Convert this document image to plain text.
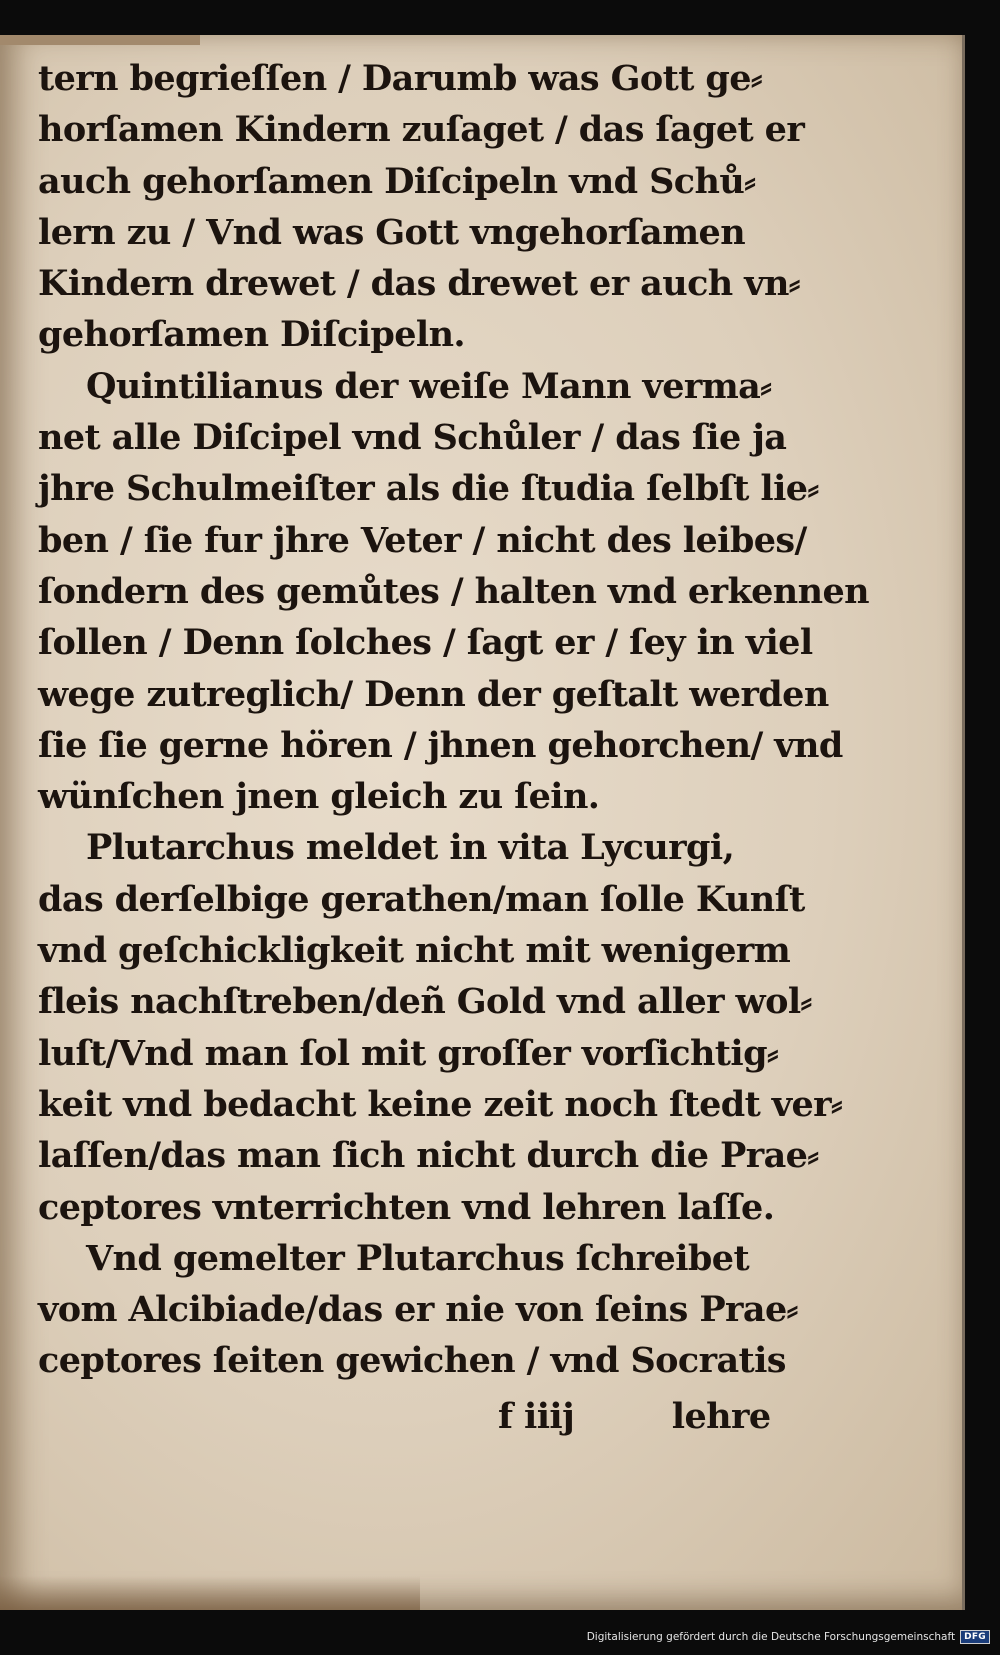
tern begrieſſen / Darumb was Gott ge⸗
horſamen Kindern zuſaget / das ſaget er
auch gehorſamen Diſcipeln vnd Schů⸗
lern zu / Vnd was Gott vngehorſamen
Kindern drewet / das drewet er auch vn⸗
gehorſamen Diſcipeln.
Quintilianus der weiſe Mann verma⸗
net alle Diſcipel vnd Schůler / das ſie ja
jhre Schulmeiſter als die ſtudia ſelbſt lie⸗
ben / ſie fur jhre Veter / nicht des leibes/
ſondern des gemůtes / halten vnd erkennen
ſollen / Denn ſolches / ſagt er / ſey in viel
wege zutreglich/ Denn der geſtalt werden
ſie ſie gerne hören / jhnen gehorchen/ vnd
wünſchen jnen gleich zu ſein.
Plutarchus meldet in vita Lycurgi,
das derſelbige gerathen/man ſolle Kunſt
vnd geſchickligkeit nicht mit wenigerm
fleis nachſtreben/deñ Gold vnd aller wol⸗
luſt/Vnd man ſol mit groſſer vorſichtig⸗
keit vnd bedacht keine zeit noch ſtedt ver⸗
laſſen/das man ſich nicht durch die Prae⸗
ceptores vnterrichten vnd lehren laſſe.
Vnd gemelter Plutarchus ſchreibet
vom Alcibiade/das er nie von ſeins Prae⸗
ceptores ſeiten gewichen / vnd Socratis
f iiij	lehre
Digitalisierung gefördert durch die Deutsche Forschungsgemeinschaft	DFG
